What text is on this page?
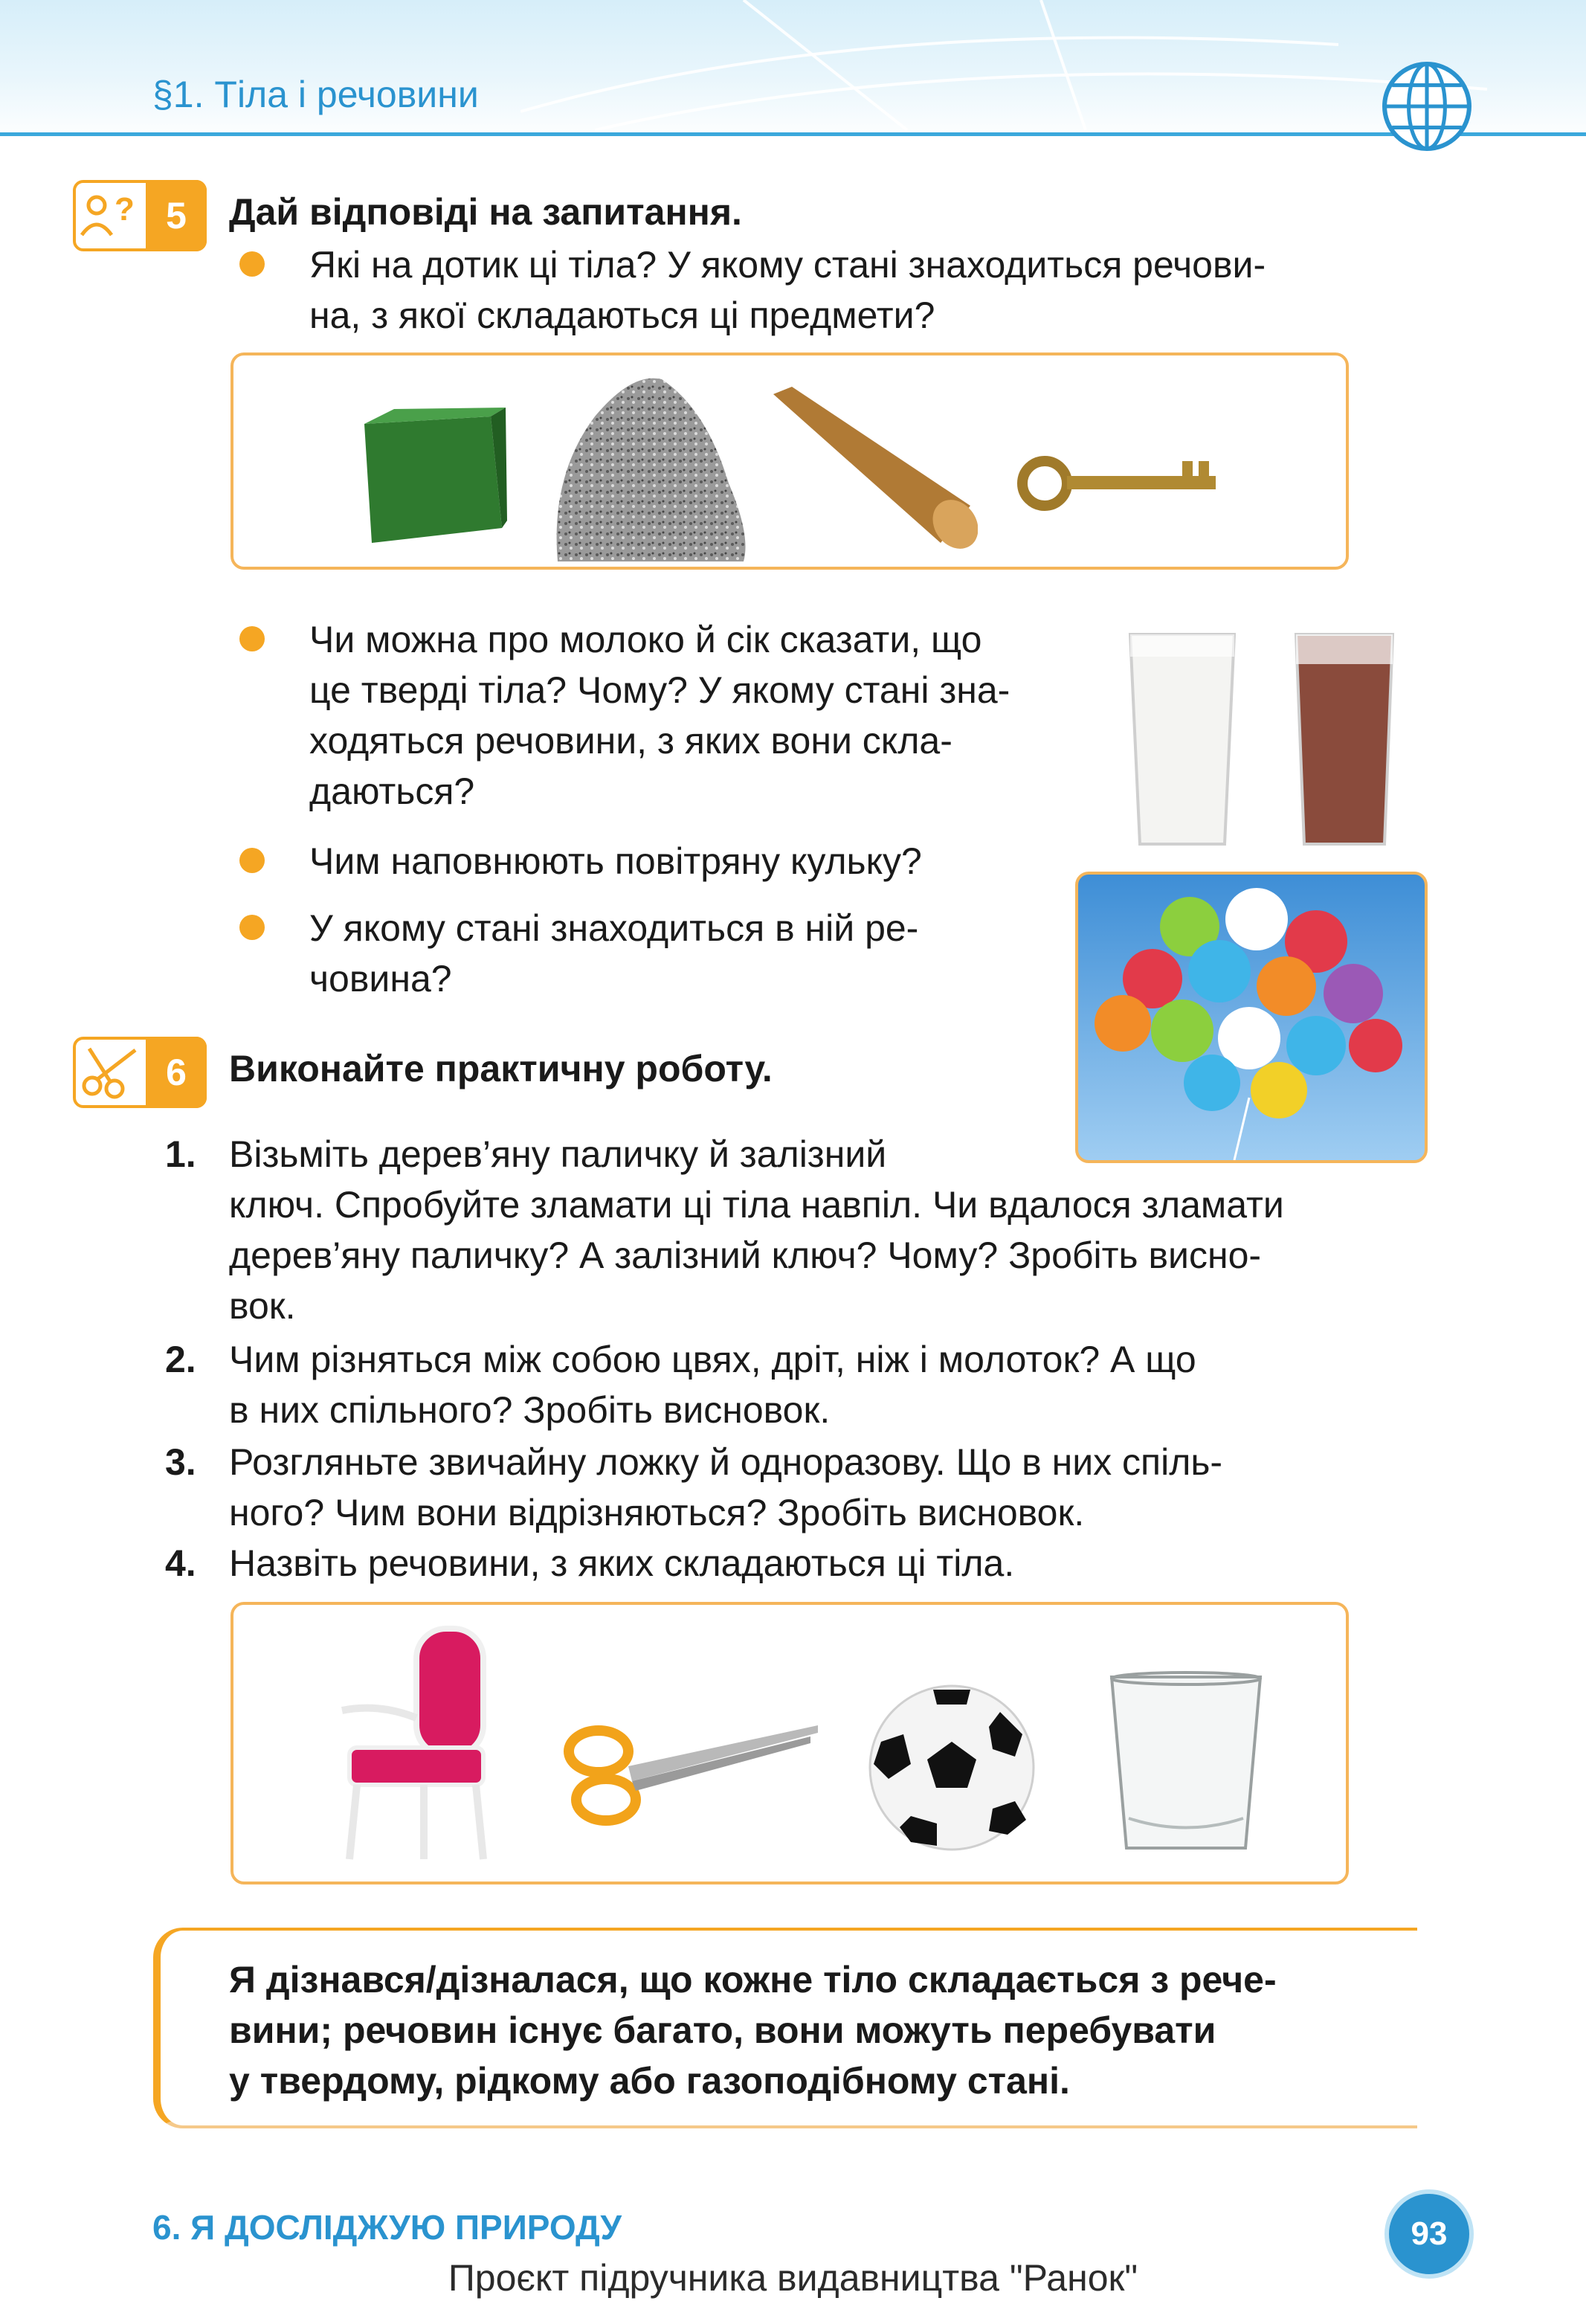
§1. Тіла і речовини
? 5	Дай відповіді на запитання.
Які на дотик ці тіла? У якому стані знаходиться речови-
на, з якої складаються ці предмети?
Чи можна про молоко й сік сказати, що
це тверді тіла? Чому? У якому стані зна-
ходяться речовини, з яких вони скла-
даються?
Чим наповнюють повітряну кульку?
У якому стані знаходиться в ній ре-
човина?
6	Виконайте практичну роботу.
1. Візьміть дерев’яну паличку й залізний
ключ. Спробуйте зламати ці тіла навпіл. Чи вдалося зламати
дерев’яну паличку? А залізний ключ? Чому? Зробіть висно-
вок.
2. Чим різняться між собою цвях, дріт, ніж і молоток? А що
в них спільного? Зробіть висновок.
3. Розгляньте звичайну ложку й одноразову. Що в них спіль-
ного? Чим вони відрізняються? Зробіть висновок.
4. Назвіть речовини, з яких складаються ці тіла.
Я дізнався/дізналася, що кожне тіло складається з рече-
вини; речовин існує багато, вони можуть перебувати
у твердому, рідкому або газоподібному стані.
6. Я ДОСЛІДЖУЮ ПРИРОДУ	93
Проєкт підручника видавництва "Ранок"
